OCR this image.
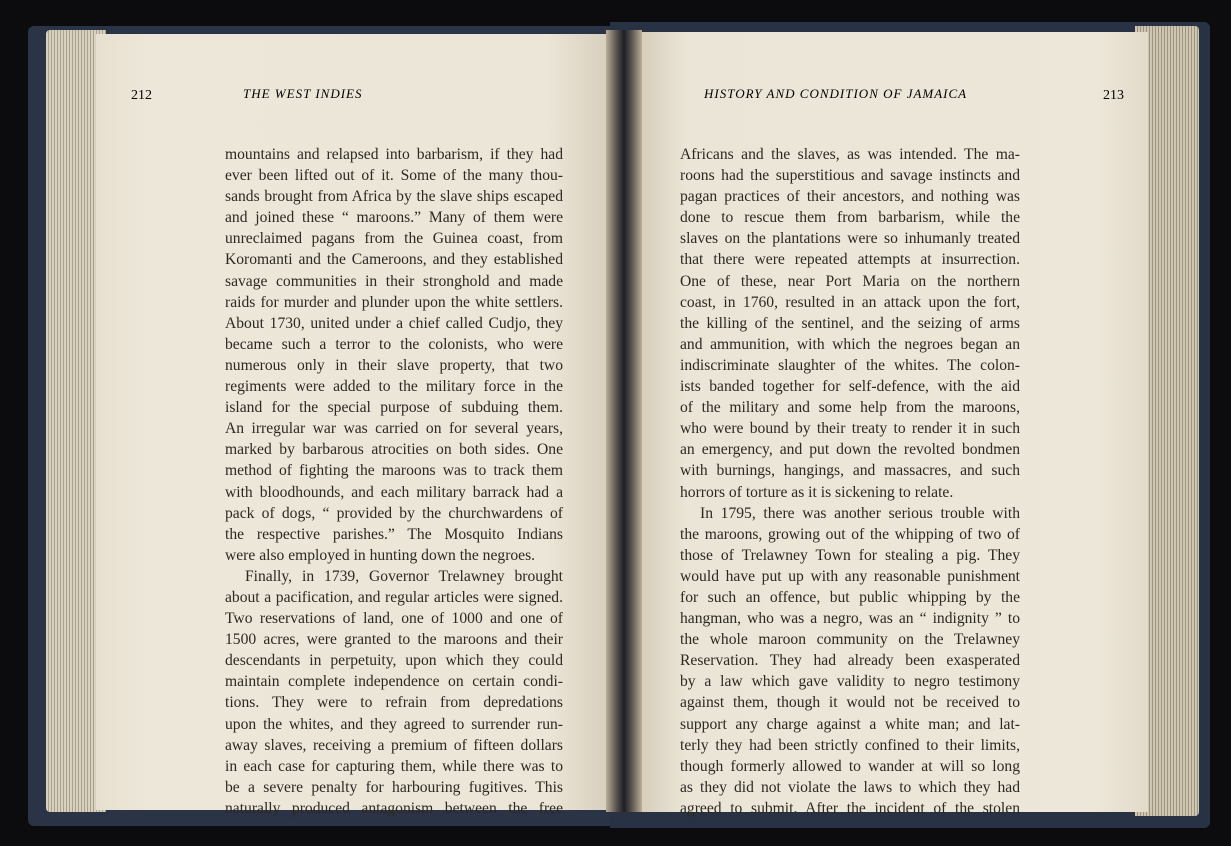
212	THE WEST INDIES	HISTORY AND CONDITION OF JAMAICA	213
mountains and relapsed into barbarism, if they had
ever been lifted out of it. Some of the many thou-
sands brought from Africa by the slave ships escaped
and joined these “ maroons.” Many of them were
unreclaimed pagans from the Guinea coast, from
Koromanti and the Cameroons, and they established
savage communities in their stronghold and made
raids for murder and plunder upon the white settlers.
About 1730, united under a chief called Cudjo, they
became such a terror to the colonists, who were
numerous only in their slave property, that two
regiments were added to the military force in the
island for the special purpose of subduing them.
An irregular war was carried on for several years,
marked by barbarous atrocities on both sides. One
method of fighting the maroons was to track them
with bloodhounds, and each military barrack had a
pack of dogs, “ provided by the churchwardens of
the respective parishes.” The Mosquito Indians
were also employed in hunting down the negroes.
Finally, in 1739, Governor Trelawney brought
about a pacification, and regular articles were signed.
Two reservations of land, one of 1000 and one of
1500 acres, were granted to the maroons and their
descendants in perpetuity, upon which they could
maintain complete independence on certain condi-
tions. They were to refrain from depredations
upon the whites, and they agreed to surrender run-
away slaves, receiving a premium of fifteen dollars
in each case for capturing them, while there was to
be a severe penalty for harbouring fugitives. This
naturally produced antagonism between the free
Africans and the slaves, as was intended. The ma-
roons had the superstitious and savage instincts and
pagan practices of their ancestors, and nothing was
done to rescue them from barbarism, while the
slaves on the plantations were so inhumanly treated
that there were repeated attempts at insurrection.
One of these, near Port Maria on the northern
coast, in 1760, resulted in an attack upon the fort,
the killing of the sentinel, and the seizing of arms
and ammunition, with which the negroes began an
indiscriminate slaughter of the whites. The colon-
ists banded together for self-defence, with the aid
of the military and some help from the maroons,
who were bound by their treaty to render it in such
an emergency, and put down the revolted bondmen
with burnings, hangings, and massacres, and such
horrors of torture as it is sickening to relate.
In 1795, there was another serious trouble with
the maroons, growing out of the whipping of two of
those of Trelawney Town for stealing a pig. They
would have put up with any reasonable punishment
for such an offence, but public whipping by the
hangman, who was a negro, was an “ indignity ” to
the whole maroon community on the Trelawney
Reservation. They had already been exasperated
by a law which gave validity to negro testimony
against them, though it would not be received to
support any charge against a white man; and lat-
terly they had been strictly confined to their limits,
though formerly allowed to wander at will so long
as they did not violate the laws to which they had
agreed to submit. After the incident of the stolen
